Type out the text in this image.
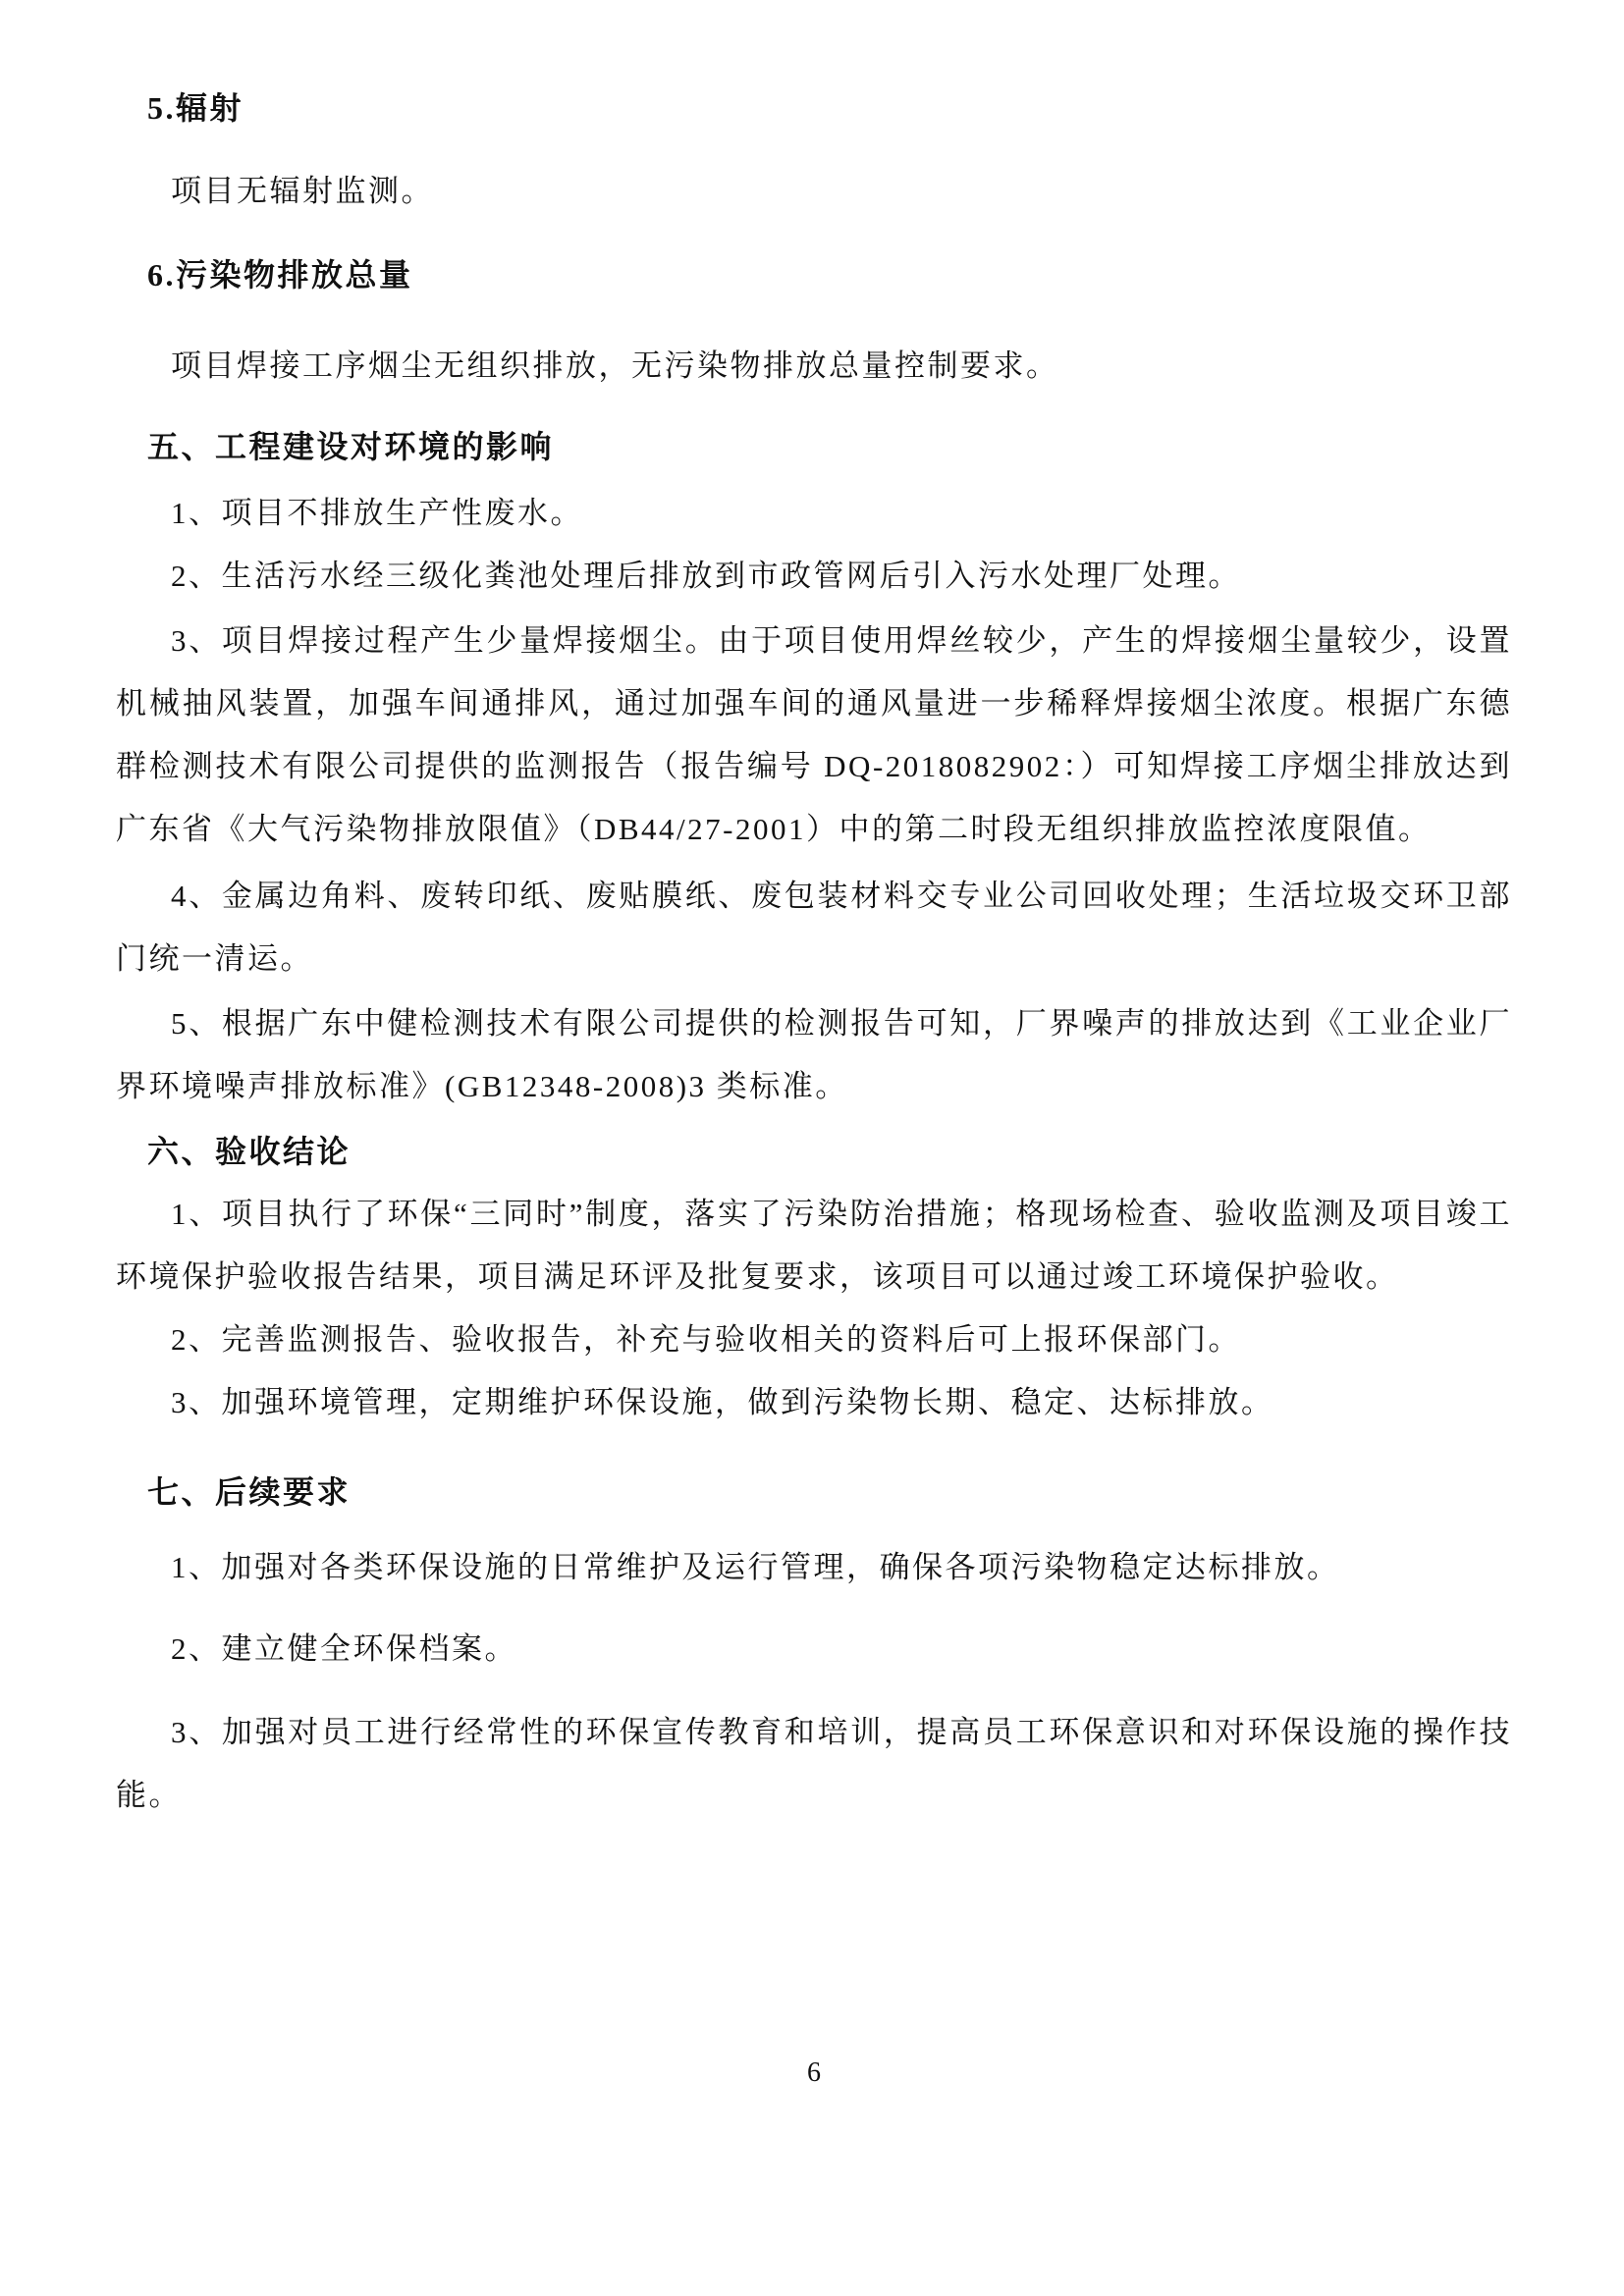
5.辐射

项目无辐射监测。

6.污染物排放总量

项目焊接工序烟尘无组织排放，无污染物排放总量控制要求。

五、工程建设对环境的影响

1、项目不排放生产性废水。

2、生活污水经三级化粪池处理后排放到市政管网后引入污水处理厂处理。

3、项目焊接过程产生少量焊接烟尘。由于项目使用焊丝较少，产生的焊接烟尘量较少，设置机械抽风装置，加强车间通排风，通过加强车间的通风量进一步稀释焊接烟尘浓度。根据广东德群检测技术有限公司提供的监测报告（报告编号 DQ-2018082902：）可知焊接工序烟尘排放达到广东省《大气污染物排放限值》（DB44/27-2001）中的第二时段无组织排放监控浓度限值。

4、金属边角料、废转印纸、废贴膜纸、废包装材料交专业公司回收处理；生活垃圾交环卫部门统一清运。

5、根据广东中健检测技术有限公司提供的检测报告可知，厂界噪声的排放达到《工业企业厂界环境噪声排放标准》(GB12348-2008)3 类标准。

六、验收结论

1、项目执行了环保“三同时”制度，落实了污染防治措施；格现场检查、验收监测及项目竣工环境保护验收报告结果，项目满足环评及批复要求，该项目可以通过竣工环境保护验收。

2、完善监测报告、验收报告，补充与验收相关的资料后可上报环保部门。

3、加强环境管理，定期维护环保设施，做到污染物长期、稳定、达标排放。

七、后续要求

1、加强对各类环保设施的日常维护及运行管理，确保各项污染物稳定达标排放。

2、建立健全环保档案。

3、加强对员工进行经常性的环保宣传教育和培训，提高员工环保意识和对环保设施的操作技能。

6
